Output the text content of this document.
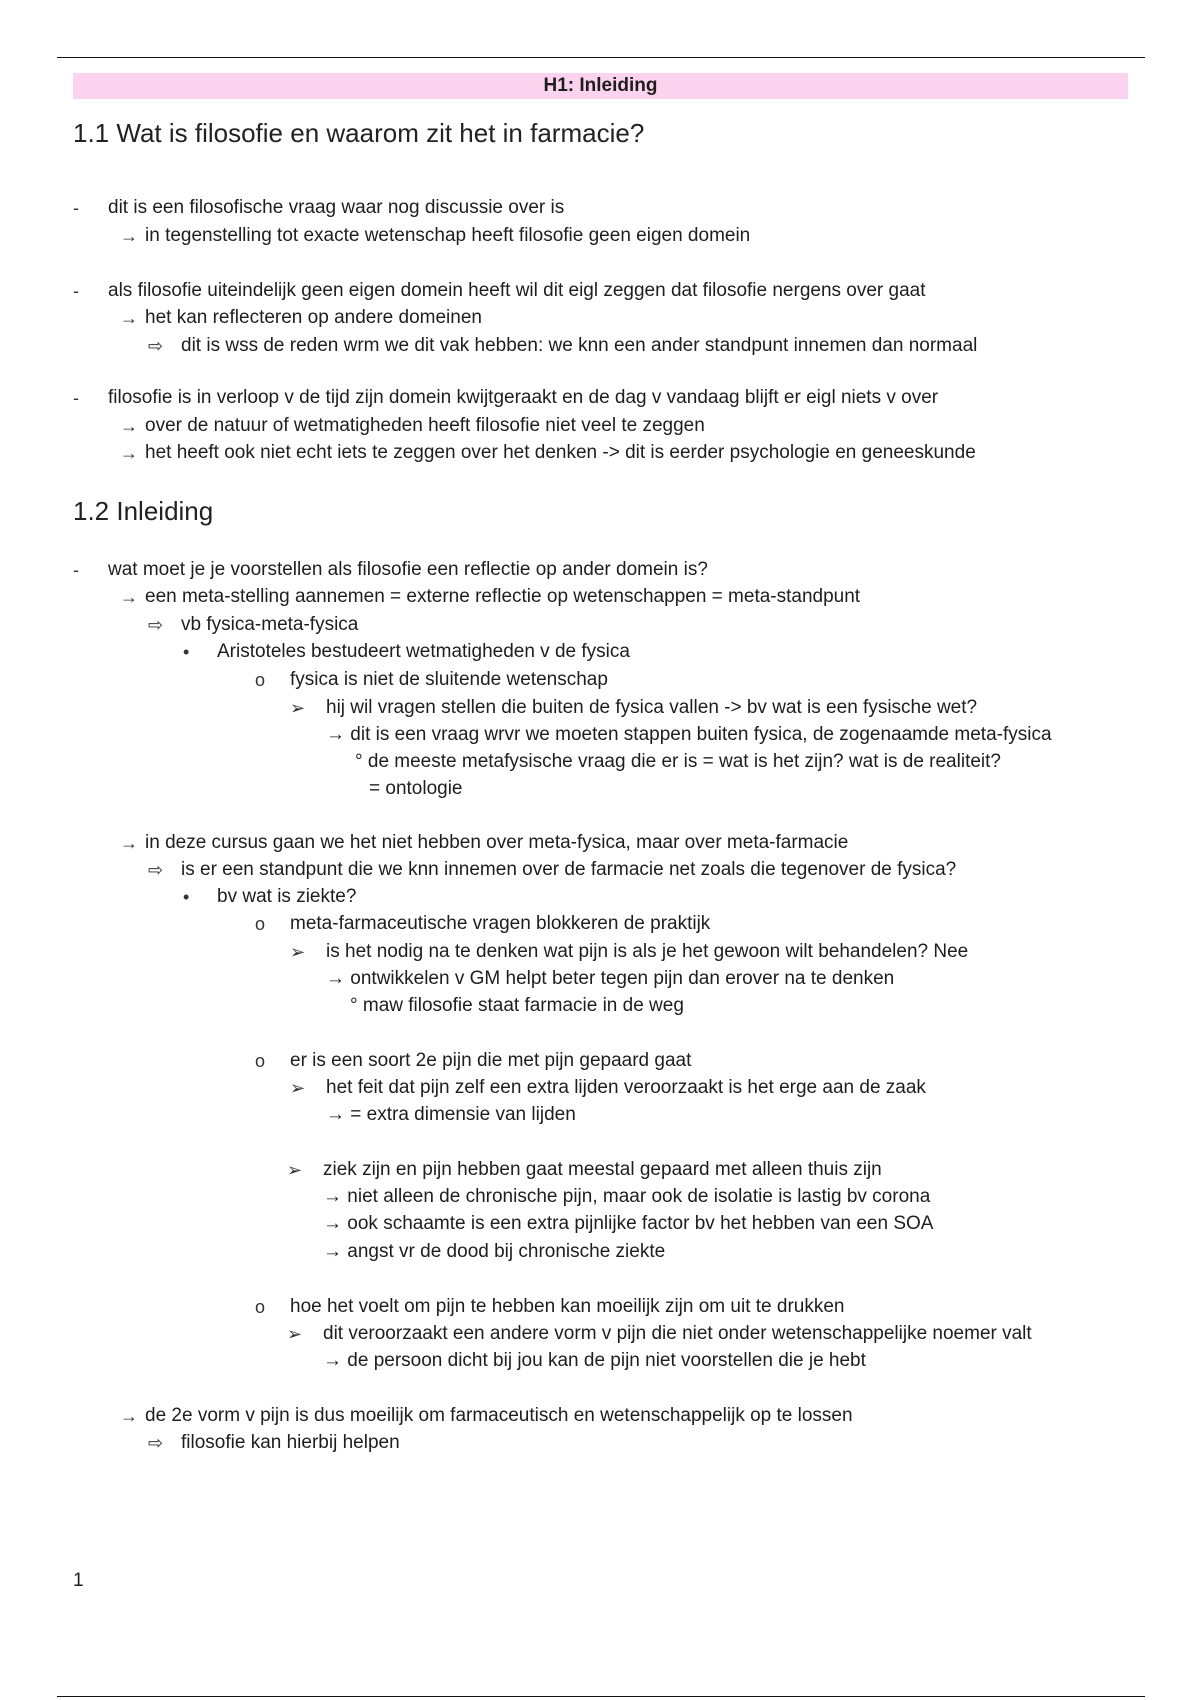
H1: Inleiding
1.1 Wat is filosofie en waarom zit het in farmacie?
- dit is een filosofische vraag waar nog discussie over is
→ in tegenstelling tot exacte wetenschap heeft filosofie geen eigen domein
- als filosofie uiteindelijk geen eigen domein heeft wil dit eigl zeggen dat filosofie nergens over gaat
→ het kan reflecteren op andere domeinen
⇨ dit is wss de reden wrm we dit vak hebben: we knn een ander standpunt innemen dan normaal
- filosofie is in verloop v de tijd zijn domein kwijtgeraakt en de dag v vandaag blijft er eigl niets v over
→ over de natuur of wetmatigheden heeft filosofie niet veel te zeggen
→ het heeft ook niet echt iets te zeggen over het denken -> dit is eerder psychologie en geneeskunde
1.2 Inleiding
- wat moet je je voorstellen als filosofie een reflectie op ander domein is?
→ een meta-stelling aannemen = externe reflectie op wetenschappen = meta-standpunt
⇨ vb fysica-meta-fysica
• Aristoteles bestudeert wetmatigheden v de fysica
o fysica is niet de sluitende wetenschap
➢ hij wil vragen stellen die buiten de fysica vallen -> bv wat is een fysische wet?
→ dit is een vraag wrvr we moeten stappen buiten fysica, de zogenaamde meta-fysica
° de meeste metafysische vraag die er is = wat is het zijn? wat is de realiteit?
= ontologie
→ in deze cursus gaan we het niet hebben over meta-fysica, maar over meta-farmacie
⇨ is er een standpunt die we knn innemen over de farmacie net zoals die tegenover de fysica?
• bv wat is ziekte?
o meta-farmaceutische vragen blokkeren de praktijk
➢ is het nodig na te denken wat pijn is als je het gewoon wilt behandelen? Nee
→ ontwikkelen v GM helpt beter tegen pijn dan erover na te denken
° maw filosofie staat farmacie in de weg
o er is een soort 2e pijn die met pijn gepaard gaat
➢ het feit dat pijn zelf een extra lijden veroorzaakt is het erge aan de zaak
→ = extra dimensie van lijden
➢ ziek zijn en pijn hebben gaat meestal gepaard met alleen thuis zijn
→ niet alleen de chronische pijn, maar ook de isolatie is lastig bv corona
→ ook schaamte is een extra pijnlijke factor bv het hebben van een SOA
→ angst vr de dood bij chronische ziekte
o hoe het voelt om pijn te hebben kan moeilijk zijn om uit te drukken
➢ dit veroorzaakt een andere vorm v pijn die niet onder wetenschappelijke noemer valt
→ de persoon dicht bij jou kan de pijn niet voorstellen die je hebt
→ de 2e vorm v pijn is dus moeilijk om farmaceutisch en wetenschappelijk op te lossen
⇨ filosofie kan hierbij helpen
1
